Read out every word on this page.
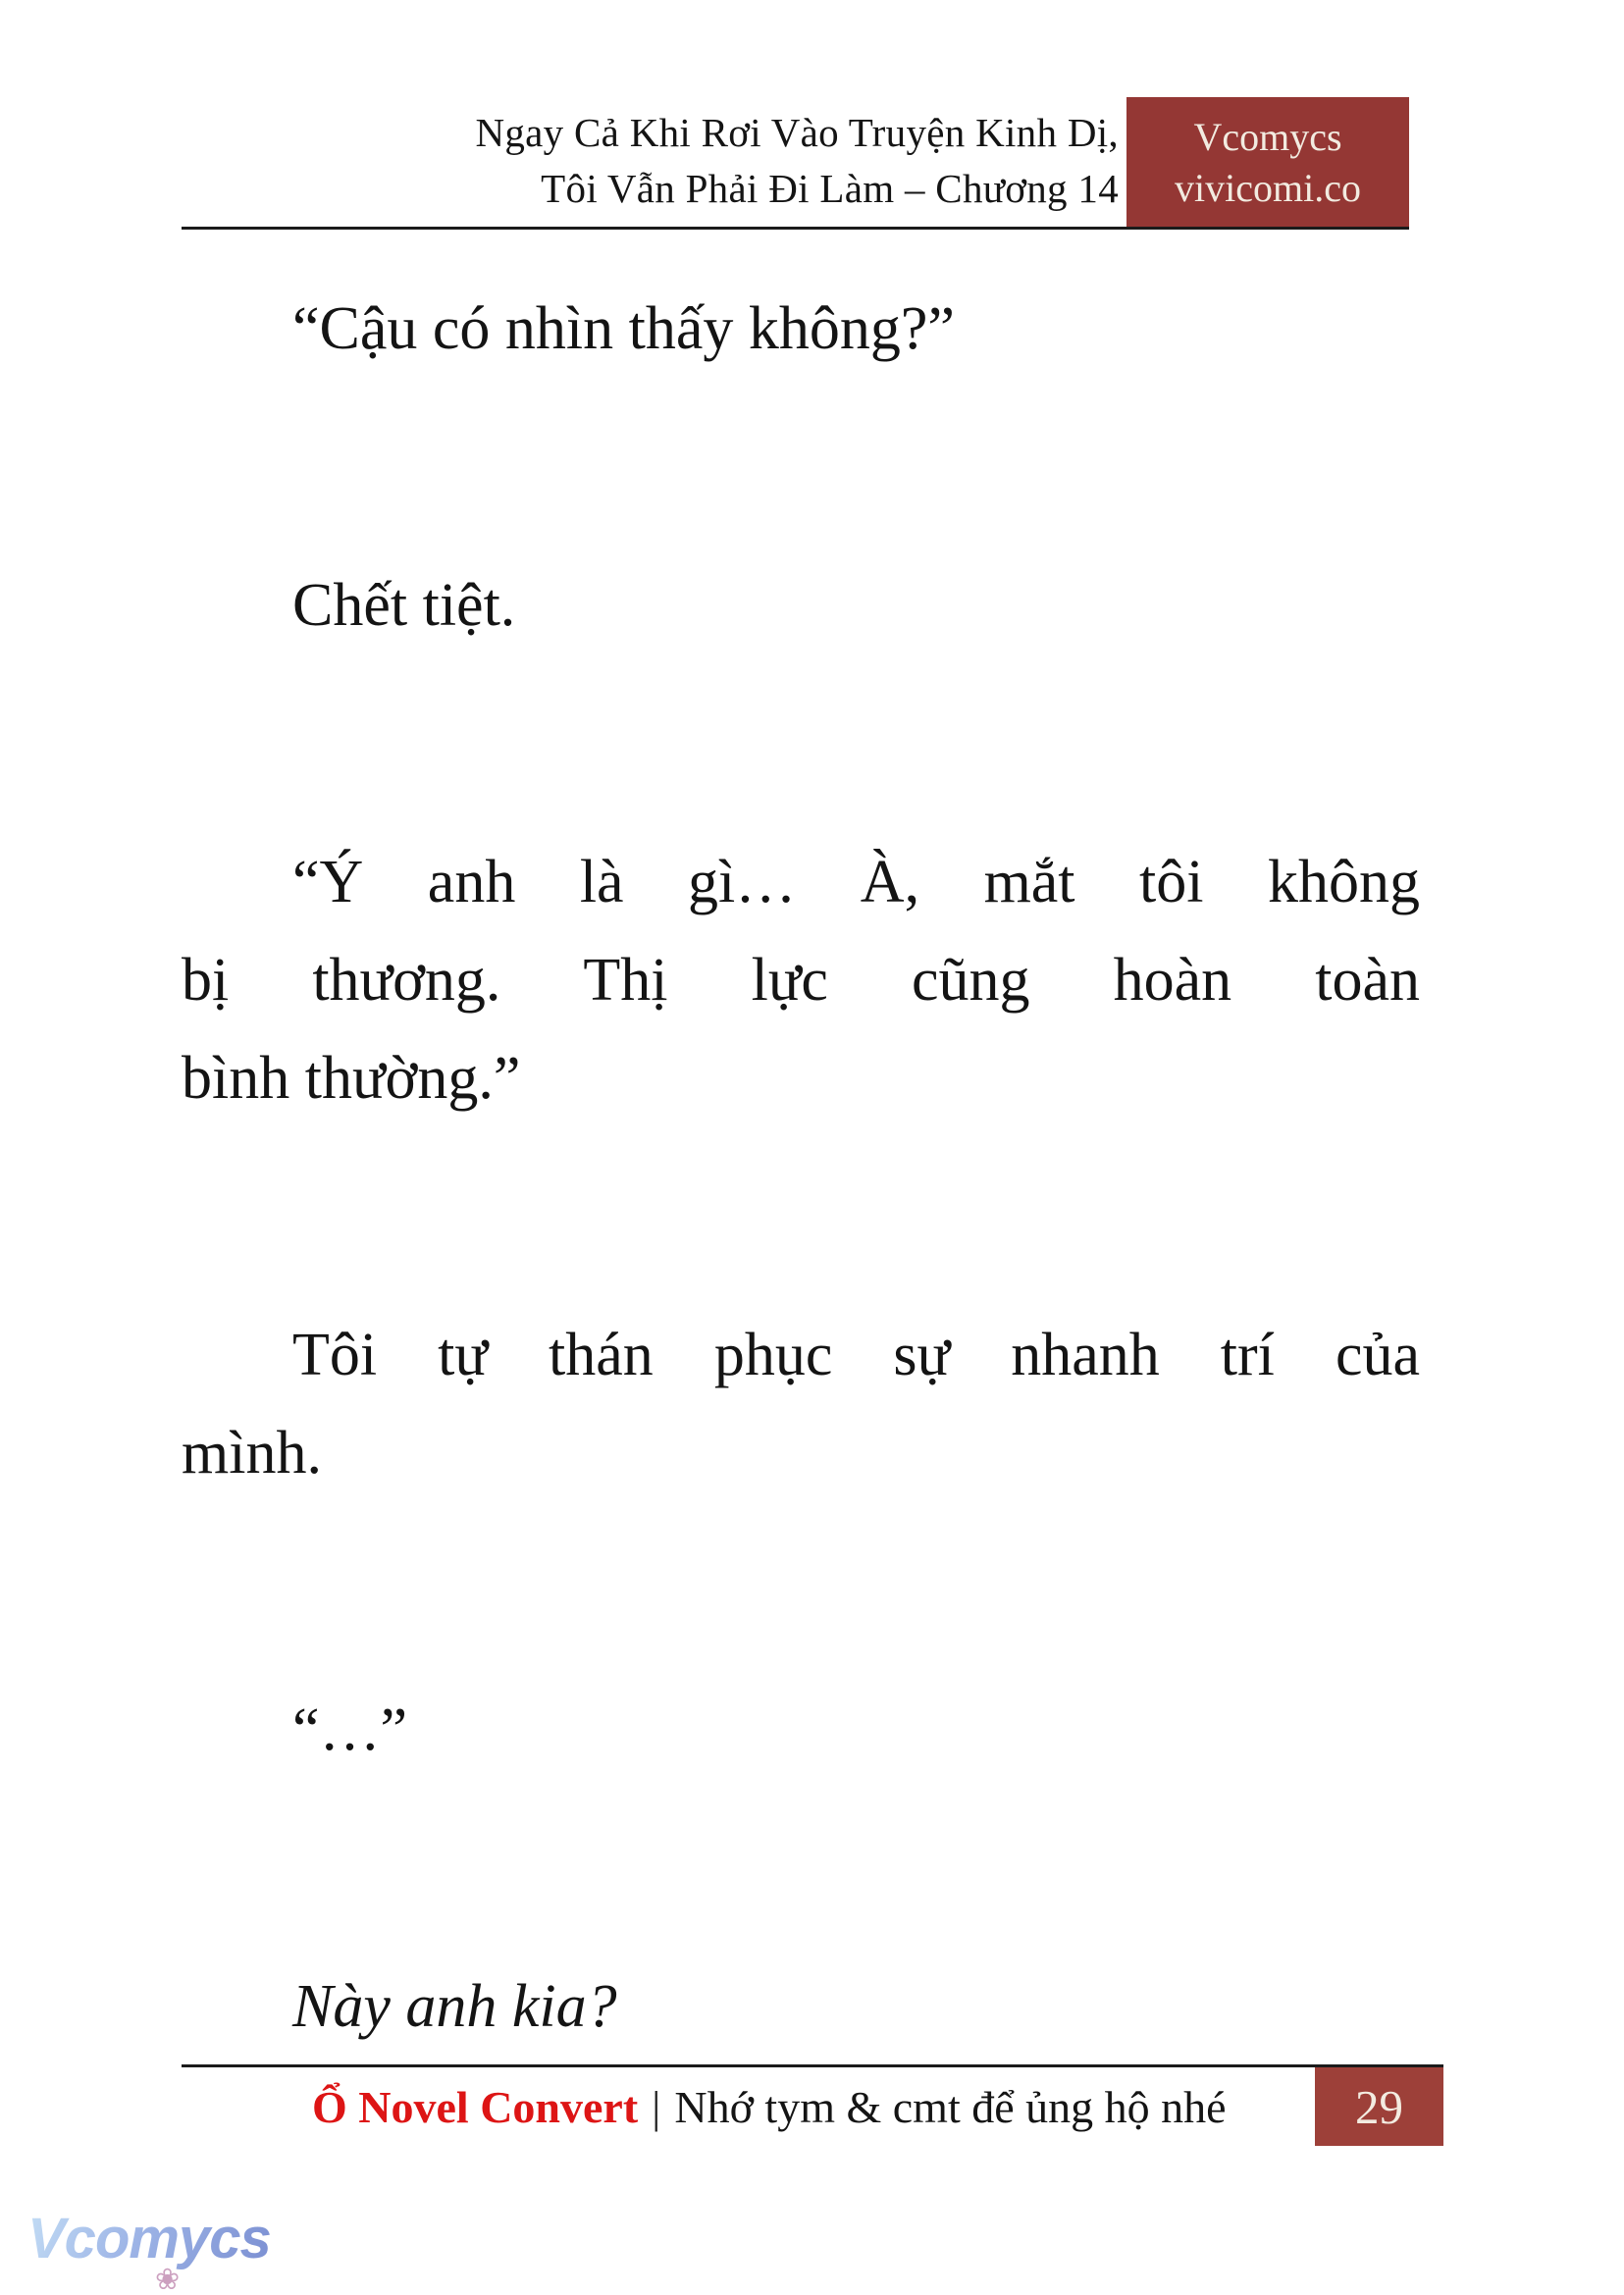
Ngay Cả Khi Rơi Vào Truyện Kinh Dị,
Tôi Vẫn Phải Đi Làm – Chương 14
Vcomycs
vivicomi.co
“Cậu có nhìn thấy không?”
Chết tiệt.
“Ý anh là gì… À, mắt tôi không
bị thương. Thị lực cũng hoàn toàn
bình thường.”
Tôi tự thán phục sự nhanh trí của
mình.
“…”
Này anh kia?
Ổ Novel Convert | Nhớ tym & cmt để ủng hộ nhé	29
Vcomycs
❀
